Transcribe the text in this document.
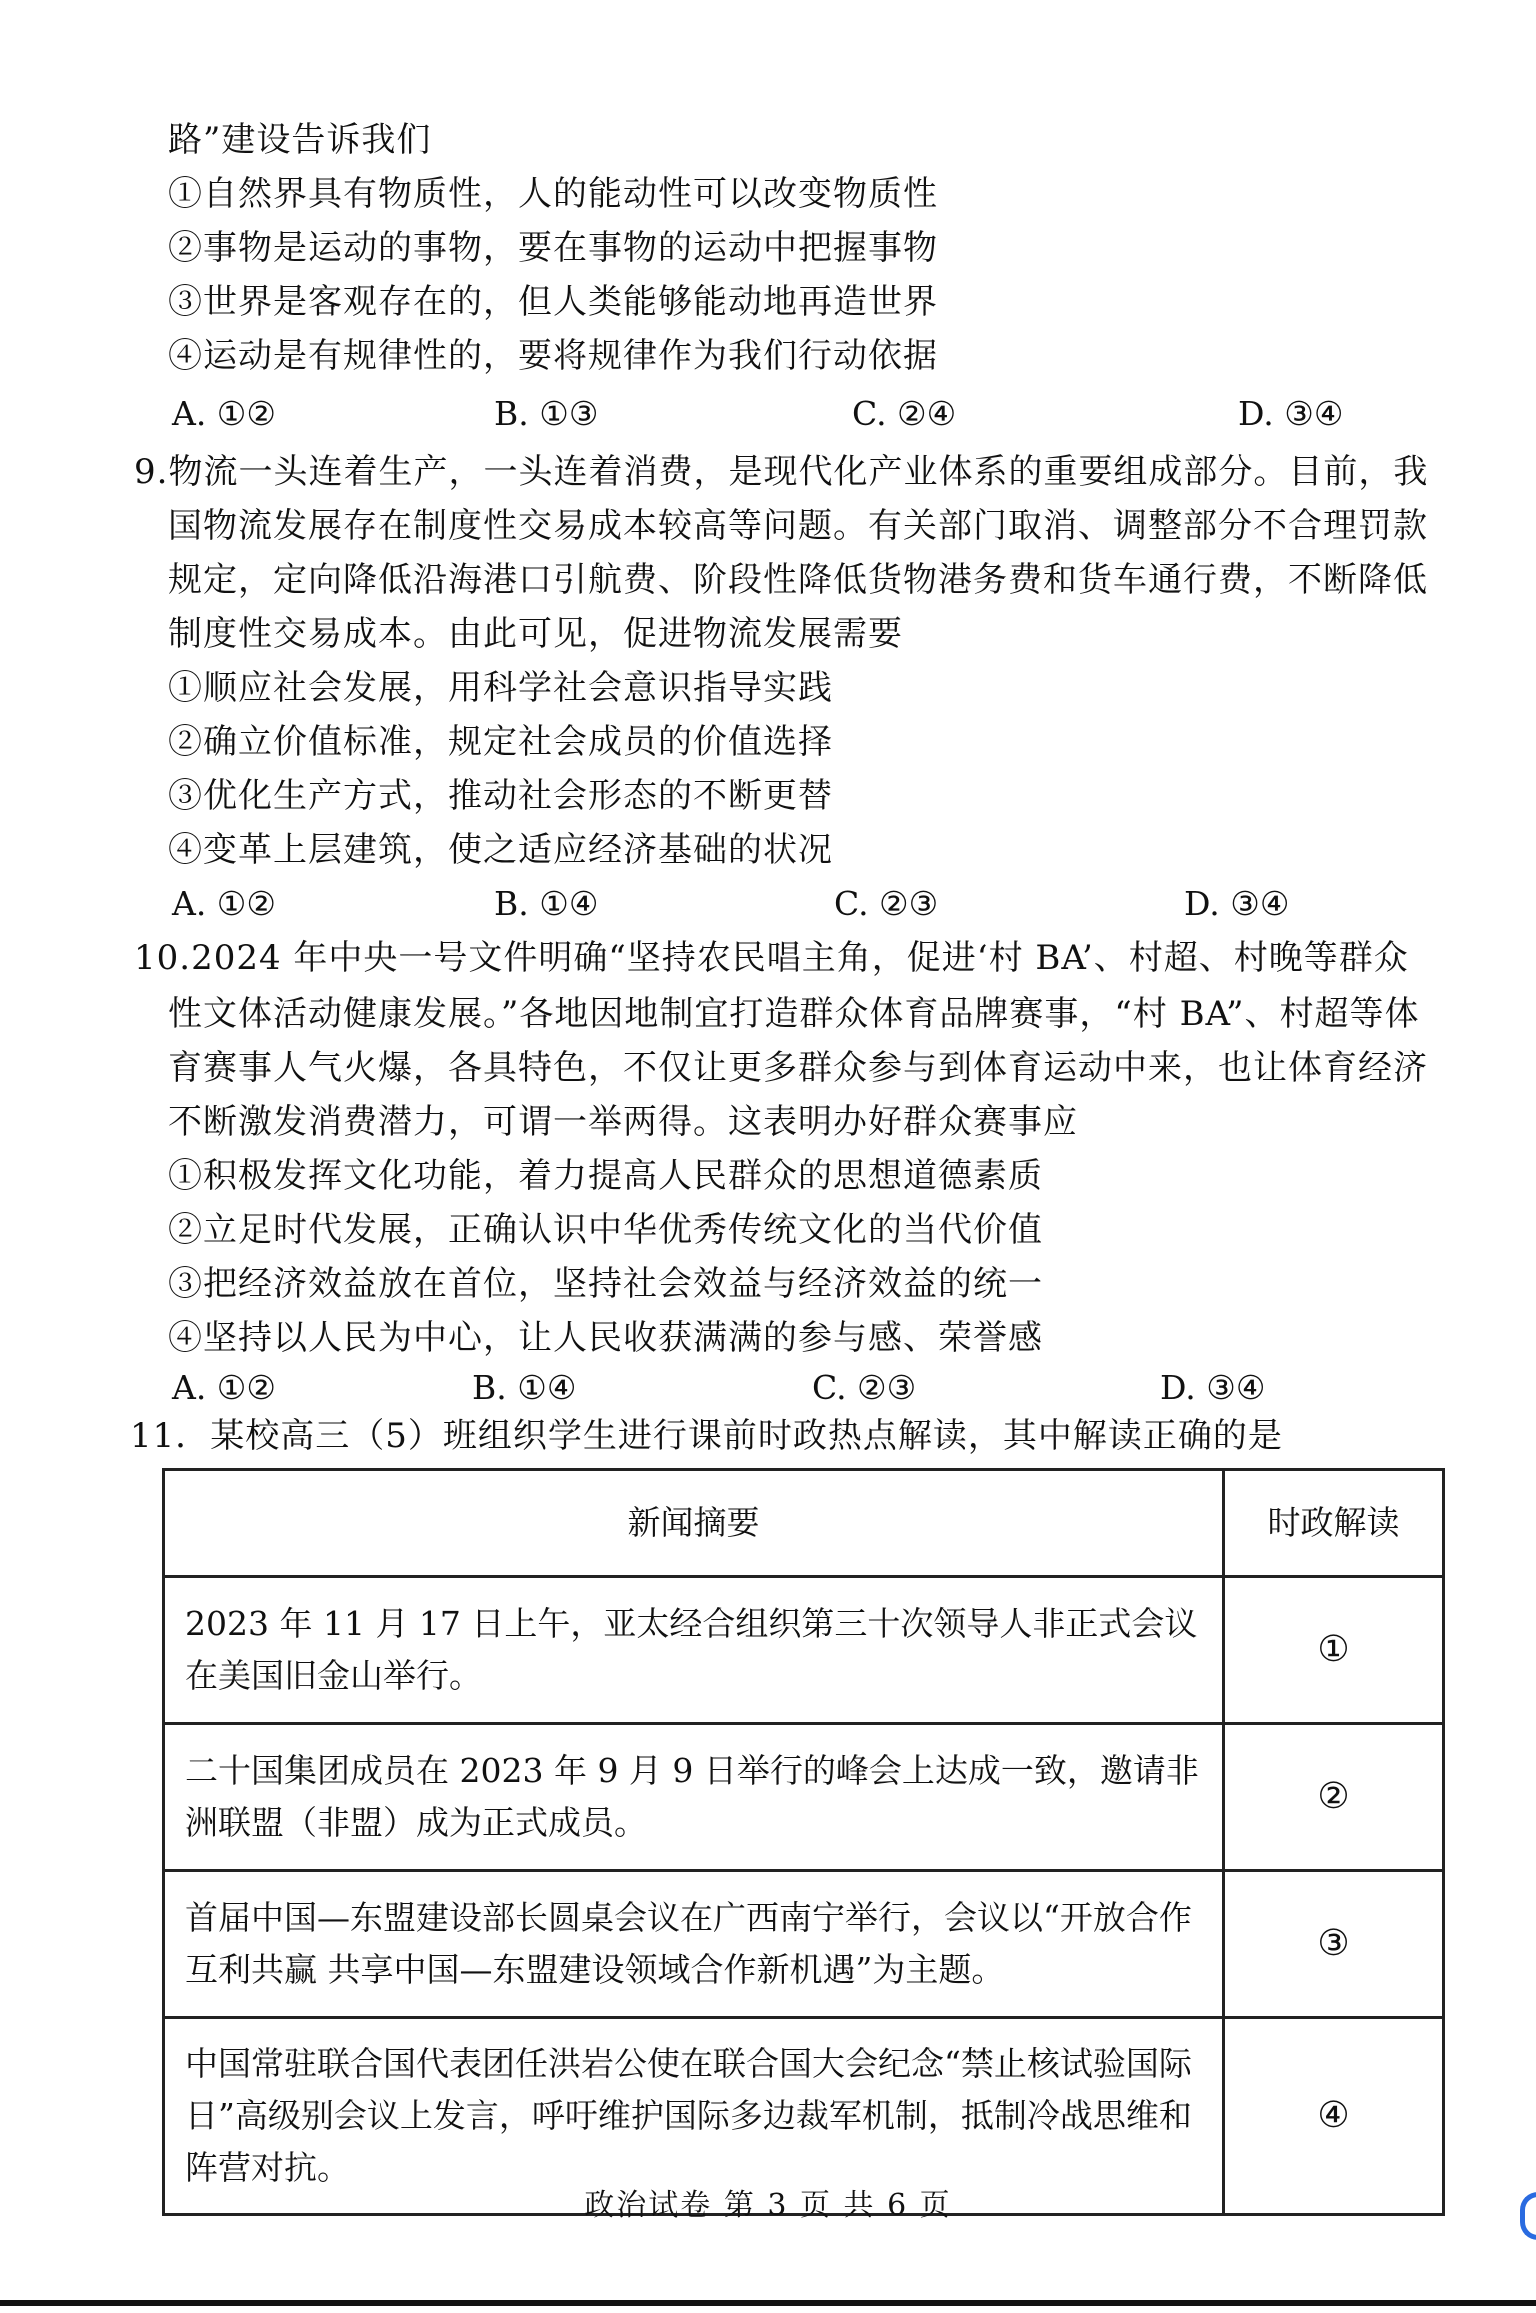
路”建设告诉我们
①自然界具有物质性，人的能动性可以改变物质性
②事物是运动的事物，要在事物的运动中把握事物
③世界是客观存在的，但人类能够能动地再造世界
④运动是有规律性的，要将规律作为我们行动依据
A. ①②	B. ①③	C. ②④	D. ③④
9.物流一头连着生产，一头连着消费，是现代化产业体系的重要组成部分。目前，我
国物流发展存在制度性交易成本较高等问题。有关部门取消、调整部分不合理罚款
规定，定向降低沿海港口引航费、阶段性降低货物港务费和货车通行费，不断降低
制度性交易成本。由此可见，促进物流发展需要
①顺应社会发展，用科学社会意识指导实践
②确立价值标准，规定社会成员的价值选择
③优化生产方式，推动社会形态的不断更替
④变革上层建筑，使之适应经济基础的状况
A. ①②	B. ①④	C. ②③	D. ③④
10.2024 年中央一号文件明确“坚持农民唱主角，促进‘村 BA’、村超、村晚等群众
性文体活动健康发展。”各地因地制宜打造群众体育品牌赛事，“村 BA”、村超等体
育赛事人气火爆，各具特色，不仅让更多群众参与到体育运动中来，也让体育经济
不断激发消费潜力，可谓一举两得。这表明办好群众赛事应
①积极发挥文化功能，着力提高人民群众的思想道德素质
②立足时代发展，正确认识中华优秀传统文化的当代价值
③把经济效益放在首位，坚持社会效益与经济效益的统一
④坚持以人民为中心，让人民收获满满的参与感、荣誉感
A. ①②	B. ①④	C. ②③	D. ③④
11．某校高三（5）班组织学生进行课前时政热点解读，其中解读正确的是
新闻摘要	时政解读
2023 年 11 月 17 日上午，亚太经合组织第三十次领导人非正式会议在美国旧金山举行。	①
二十国集团成员在 2023 年 9 月 9 日举行的峰会上达成一致，邀请非洲联盟（非盟）成为正式成员。	②
首届中国—东盟建设部长圆桌会议在广西南宁举行，会议以“开放合作 互利共赢 共享中国—东盟建设领域合作新机遇”为主题。	③
中国常驻联合国代表团任洪岩公使在联合国大会纪念“禁止核试验国际日”高级别会议上发言，呼吁维护国际多边裁军机制，抵制冷战思维和阵营对抗。	④
政治试卷 第 3 页 共 6 页
